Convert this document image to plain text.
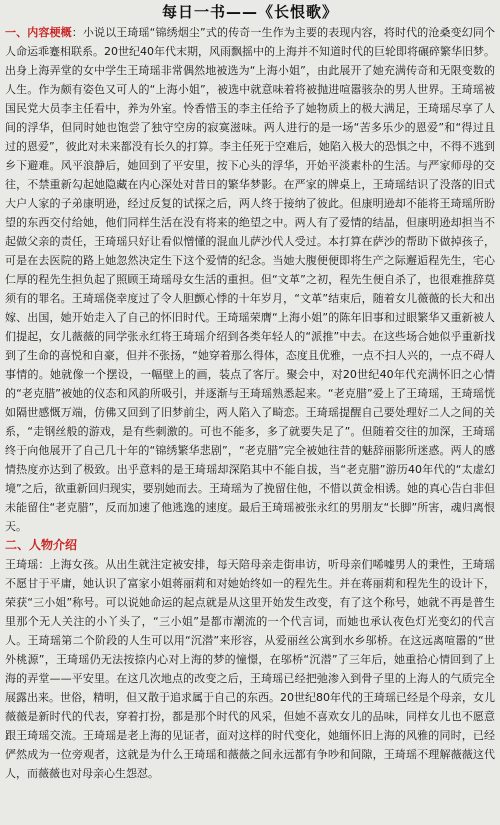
每日一书——《长恨歌》

一、内容梗概：小说以王琦瑶“锦绣烟尘”式的传奇一生作为主要的表现内容，将时代的沧桑变幻同个人命运乖蹇相联系。20世纪40年代末期，风雨飘摇中的上海并不知道时代的巨轮即将碾碎繁华旧梦。出身上海弄堂的女中学生王琦瑶非常偶然地被选为“上海小姐”，由此展开了她充满传奇和无限变数的人生。作为颇有姿色又可人的“上海小姐”，被选中就意味着将被抛进喧嚣骇杂的男人世界。王琦瑶被国民党大员李主任看中，养为外室。怜香惜玉的李主任给予了她物质上的极大满足，王琦瑶尽享了人间的浮华，但同时她也饱尝了独守空房的寂寞滋味。两人进行的是一场“苦多乐少的恩爱”和“得过且过的恩爱”，彼此对未来都没有长久的打算。李主任死于空难后，她陷入极大的恐惧之中，不得不逃到乡下避难。风平浪静后，她回到了平安里，按下心头的浮华，开始平淡素朴的生活。与严家师母的交往，不禁重新勾起她隐藏在内心深处对昔日的繁华梦影。在严家的牌桌上，王琦瑶结识了没落的旧式大户人家的子弟康明逊，经过反复的试探之后，两人终于接纳了彼此。但康明逊却不能将王琦瑶所盼望的东西交付给她，他们同样生活在没有将来的绝望之中。两人有了爱情的结晶，但康明逊却担当不起做父亲的责任，王琦瑶只好让看似憎懂的混血儿萨沙代人受过。本打算在萨沙的帮助下做掉孩子，可是在去医院的路上她忽然决定生下这个爱情的纪念。当她大腹便便即将生产之际邂逅程先生，宅心仁厚的程先生担负起了照顾王琦瑶母女生活的重担。但“文革”之初，程先生便自杀了，也很难推辞莫须有的罪名。王琦瑶侥幸度过了令人胆颤心悸的十年岁月，“文革”结束后，随着女儿薇薇的长大和出嫁、出国，她开始走入了自己的怀旧时代。王琦瑶荣膺“上海小姐”的陈年旧事和过眼繁华又重新被人们提起，女儿薇薇的同学张永红将王琦瑶介绍到各类年轻人的“派推”中去。在这些场合她似乎重新找到了生命的喜悦和自豪，但并不张扬，“她穿着那么得体，态度且优雅，一点不扫人兴的，一点不碍人事情的。她就像一个摆设，一幅壁上的画，装点了客厅。聚会中，对20世纪40年代充满怀旧之心情的“老克腊”被她的仪态和风韵所吸引，并逐渐与王琦瑶熟悉起来。“老克腊”爱上了王琦瑶，王琦瑶恍如隔世感慨万端，仿佛又回到了旧梦前尘，两人陷入了畸恋。王琦瑶提醒自己要处理好二人之间的关系，“走钢丝般的游戏，是有些刺激的。可也不能多，多了就要失足了”。但随着交往的加深，王琦瑶终于向他展开了自己几十年的“锦绣繁华悲剧”，“老克腊”完全被她往昔的魅辞丽影所迷惑。两人的感情热度亦达到了极致。出乎意料的是王琦瑶却深陷其中不能自拔，当“老克腊”游历40年代的“太虚幻境”之后，欲重新回归现实，要别她而去。王琦瑶为了挽留住他，不惜以黄金相诱。她的真心告白非但未能留住“老克腊”，反而加速了他逃逸的速度。最后王琦瑶被张永红的男朋友“长脚”所害，魂归离恨天。

二、人物介绍

王琦瑶：上海女孩。从出生就注定被安排，每天陪母亲走街串访，听母亲们唏嘘男人的秉性，王琦瑶不愿甘于平庸，她认识了富家小姐蒋丽莉和对她始终如一的程先生。并在蒋丽莉和程先生的设计下，荣获“三小姐”称号。可以说她命运的起点就是从这里开始发生改变，有了这个称号，她就不再是普生里那个无人关注的小丫头了，“三小姐”是都市潮流的一个代言词，而她也承认夜色灯光变幻的代言人。王琦瑶第二个阶段的人生可以用“沉潜”来形容，从爱丽丝公寓到水乡邬桥。在这远离喧嚣的“世外桃源”，王琦瑶仍无法按捺内心对上海的梦的憧憬，在邬桥“沉潜”了三年后，她重拾心情回到了上海的弄堂——平安里。在这几次地点的改变之后，王琦瑶已经把弛渗入到骨子里的上海人的气质完全展露出来。世俗，精明，但又散于追求属于自己的东西。20世纪80年代的王琦瑶已经是个母亲，女儿薇薇是新时代的代表，穿着打扮，都是那个时代的风采，但她不喜欢女儿的品味，同样女儿也不愿意跟王琦瑶交流。王琦瑶是老上海的见证者，面对这样的时代变化，她缅怀旧上海的风雅的同时，已经俨然成为一位旁观者，这就是为什么王琦瑶和薇薇之间永远都有争吵和间隙，王琦瑶不理解薇薇这代人，而薇薇也对母亲心生怨怼。
